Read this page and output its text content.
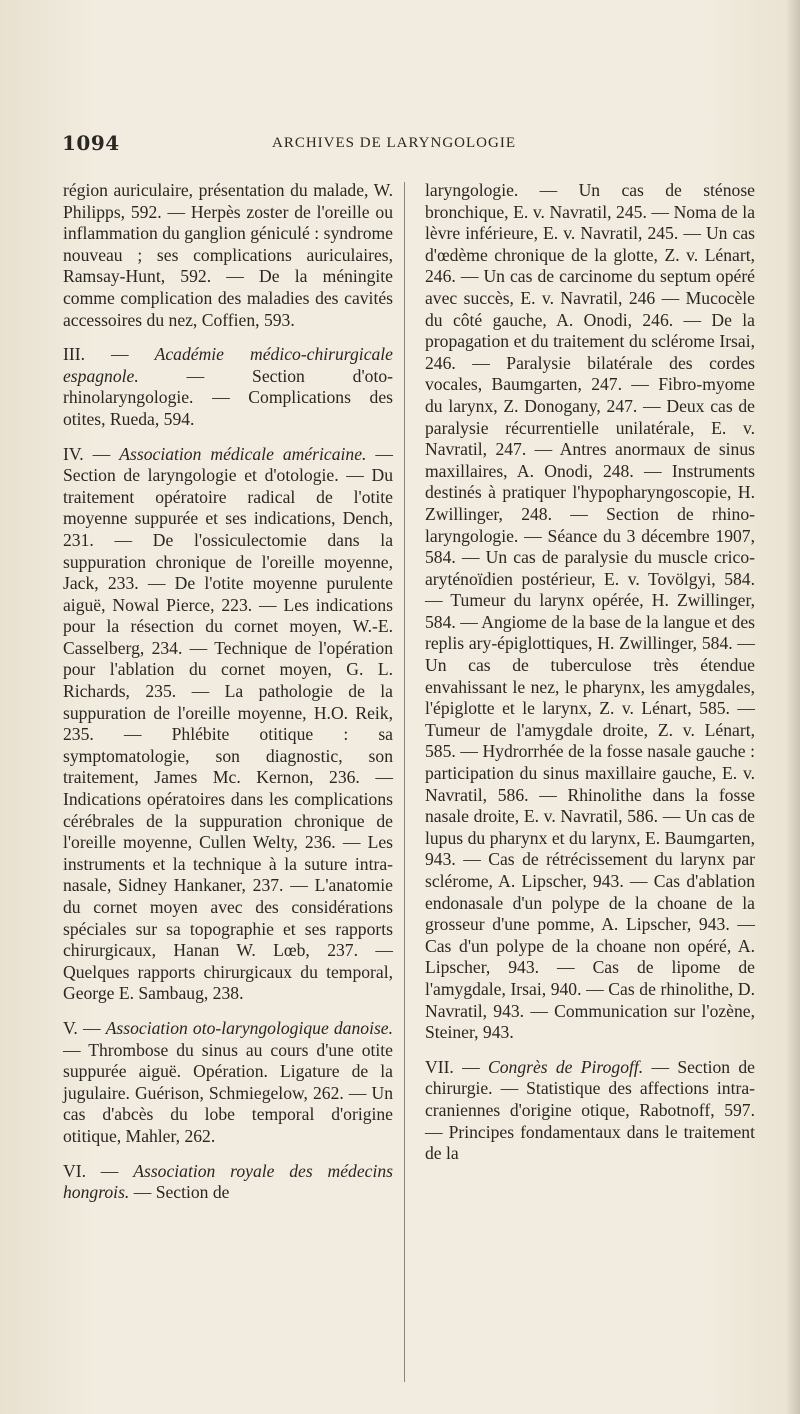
1094	ARCHIVES DE LARYNGOLOGIE

région auriculaire, présentation du malade, W. Philipps, 592. — Herpès zoster de l'oreille ou inflammation du ganglion géniculé : syndrome nouveau ; ses complications auriculaires, Ramsay-Hunt, 592. — De la méningite comme complication des maladies des cavités accessoires du nez, Coffien, 593.

III. — Académie médico-chirurgicale espagnole. — Section d'oto-rhinolaryngologie. — Complications des otites, Rueda, 594.

IV. — Association médicale américaine. — Section de laryngologie et d'otologie. — Du traitement opératoire radical de l'otite moyenne suppurée et ses indications, Dench, 231. — De l'ossiculectomie dans la suppuration chronique de l'oreille moyenne, Jack, 233. — De l'otite moyenne purulente aiguë, Nowal Pierce, 223. — Les indications pour la résection du cornet moyen, W.-E. Casselberg, 234. — Technique de l'opération pour l'ablation du cornet moyen, G. L. Richards, 235. — La pathologie de la suppuration de l'oreille moyenne, H.O. Reik, 235. — Phlébite otitique : sa symptomatologie, son diagnostic, son traitement, James Mc. Kernon, 236. — Indications opératoires dans les complications cérébrales de la suppuration chronique de l'oreille moyenne, Cullen Welty, 236. — Les instruments et la technique à la suture intra-nasale, Sidney Hankaner, 237. — L'anatomie du cornet moyen avec des considérations spéciales sur sa topographie et ses rapports chirurgicaux, Hanan W. Lœb, 237. — Quelques rapports chirurgicaux du temporal, George E. Sambaug, 238.

V. — Association oto-laryngologique danoise. — Thrombose du sinus au cours d'une otite suppurée aiguë. Opération. Ligature de la jugulaire. Guérison, Schmiegelow, 262. — Un cas d'abcès du lobe temporal d'origine otitique, Mahler, 262.

VI. — Association royale des médecins hongrois. — Section de

laryngologie. — Un cas de sténose bronchique, E. v. Navratil, 245. — Noma de la lèvre inférieure, E. v. Navratil, 245. — Un cas d'œdème chronique de la glotte, Z. v. Lénart, 246. — Un cas de carcinome du septum opéré avec succès, E. v. Navratil, 246 — Mucocèle du côté gauche, A. Onodi, 246. — De la propagation et du traitement du sclérome Irsai, 246. — Paralysie bilatérale des cordes vocales, Baumgarten, 247. — Fibro-myome du larynx, Z. Donogany, 247. — Deux cas de paralysie récurrentielle unilatérale, E. v. Navratil, 247. — Antres anormaux de sinus maxillaires, A. Onodi, 248. — Instruments destinés à pratiquer l'hypopharyngoscopie, H. Zwillinger, 248. — Section de rhino-laryngologie. — Séance du 3 décembre 1907, 584. — Un cas de paralysie du muscle crico-aryténoïdien postérieur, E. v. Tovölgyi, 584. — Tumeur du larynx opérée, H. Zwillinger, 584. — Angiome de la base de la langue et des replis ary-épiglottiques, H. Zwillinger, 584. — Un cas de tuberculose très étendue envahissant le nez, le pharynx, les amygdales, l'épiglotte et le larynx, Z. v. Lénart, 585. — Tumeur de l'amygdale droite, Z. v. Lénart, 585. — Hydrorrhée de la fosse nasale gauche : participation du sinus maxillaire gauche, E. v. Navratil, 586. — Rhinolithe dans la fosse nasale droite, E. v. Navratil, 586. — Un cas de lupus du pharynx et du larynx, E. Baumgarten, 943. — Cas de rétrécissement du larynx par sclérome, A. Lipscher, 943. — Cas d'ablation endonasale d'un polype de la choane de la grosseur d'une pomme, A. Lipscher, 943. — Cas d'un polype de la choane non opéré, A. Lipscher, 943. — Cas de lipome de l'amygdale, Irsai, 940. — Cas de rhinolithe, D. Navratil, 943. — Communication sur l'ozène, Steiner, 943.

VII. — Congrès de Pirogoff. — Section de chirurgie. — Statistique des affections intra-craniennes d'origine otique, Rabotnoff, 597. — Principes fondamentaux dans le traitement de la
